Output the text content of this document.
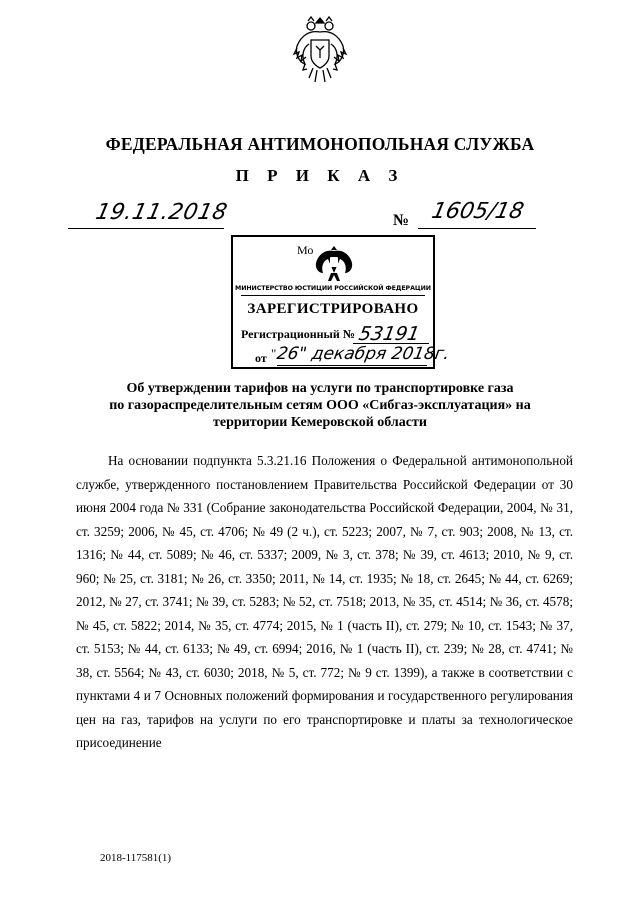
ФЕДЕРАЛЬНАЯ АНТИМОНОПОЛЬНАЯ СЛУЖБА
П Р И К А З
19.11.2018	№ 1605/18
Мо
МИНИСТЕРСТВО ЮСТИЦИИ РОССИЙСКОЙ ФЕДЕРАЦИИ
ЗАРЕГИСТРИРОВАНО
Регистрационный № 53191
от "
26" декабря 2018г.
Об утверждении тарифов на услуги по транспортировке газа
по газораспределительным сетям ООО «Сибгаз-эксплуатация» на
территории Кемеровской области

На основании подпункта 5.3.21.16 Положения о Федеральной антимонопольной службе, утвержденного постановлением Правительства Российской Федерации от 30 июня 2004 года № 331 (Собрание законодательства Российской Федерации, 2004, № 31, ст. 3259; 2006, № 45, ст. 4706; № 49 (2 ч.), ст. 5223; 2007, № 7, ст. 903; 2008, № 13, ст. 1316; № 44, ст. 5089; № 46, ст. 5337; 2009, № 3, ст. 378; № 39, ст. 4613; 2010, № 9, ст. 960; № 25, ст. 3181; № 26, ст. 3350; 2011, № 14, ст. 1935; № 18, ст. 2645; № 44, ст. 6269; 2012, № 27, ст. 3741; № 39, ст. 5283; № 52, ст. 7518; 2013, № 35, ст. 4514; № 36, ст. 4578; № 45, ст. 5822; 2014, № 35, ст. 4774; 2015, № 1 (часть II), ст. 279; № 10, ст. 1543; № 37, ст. 5153; № 44, ст. 6133; № 49, ст. 6994; 2016, № 1 (часть II), ст. 239; № 28, ст. 4741; № 38, ст. 5564; № 43, ст. 6030; 2018, № 5, ст. 772; № 9 ст. 1399), а также в соответствии с пунктами 4 и 7 Основных положений формирования и государственного регулирования цен на газ, тарифов на услуги по его транспортировке и платы за технологическое присоединение

2018-117581(1)
